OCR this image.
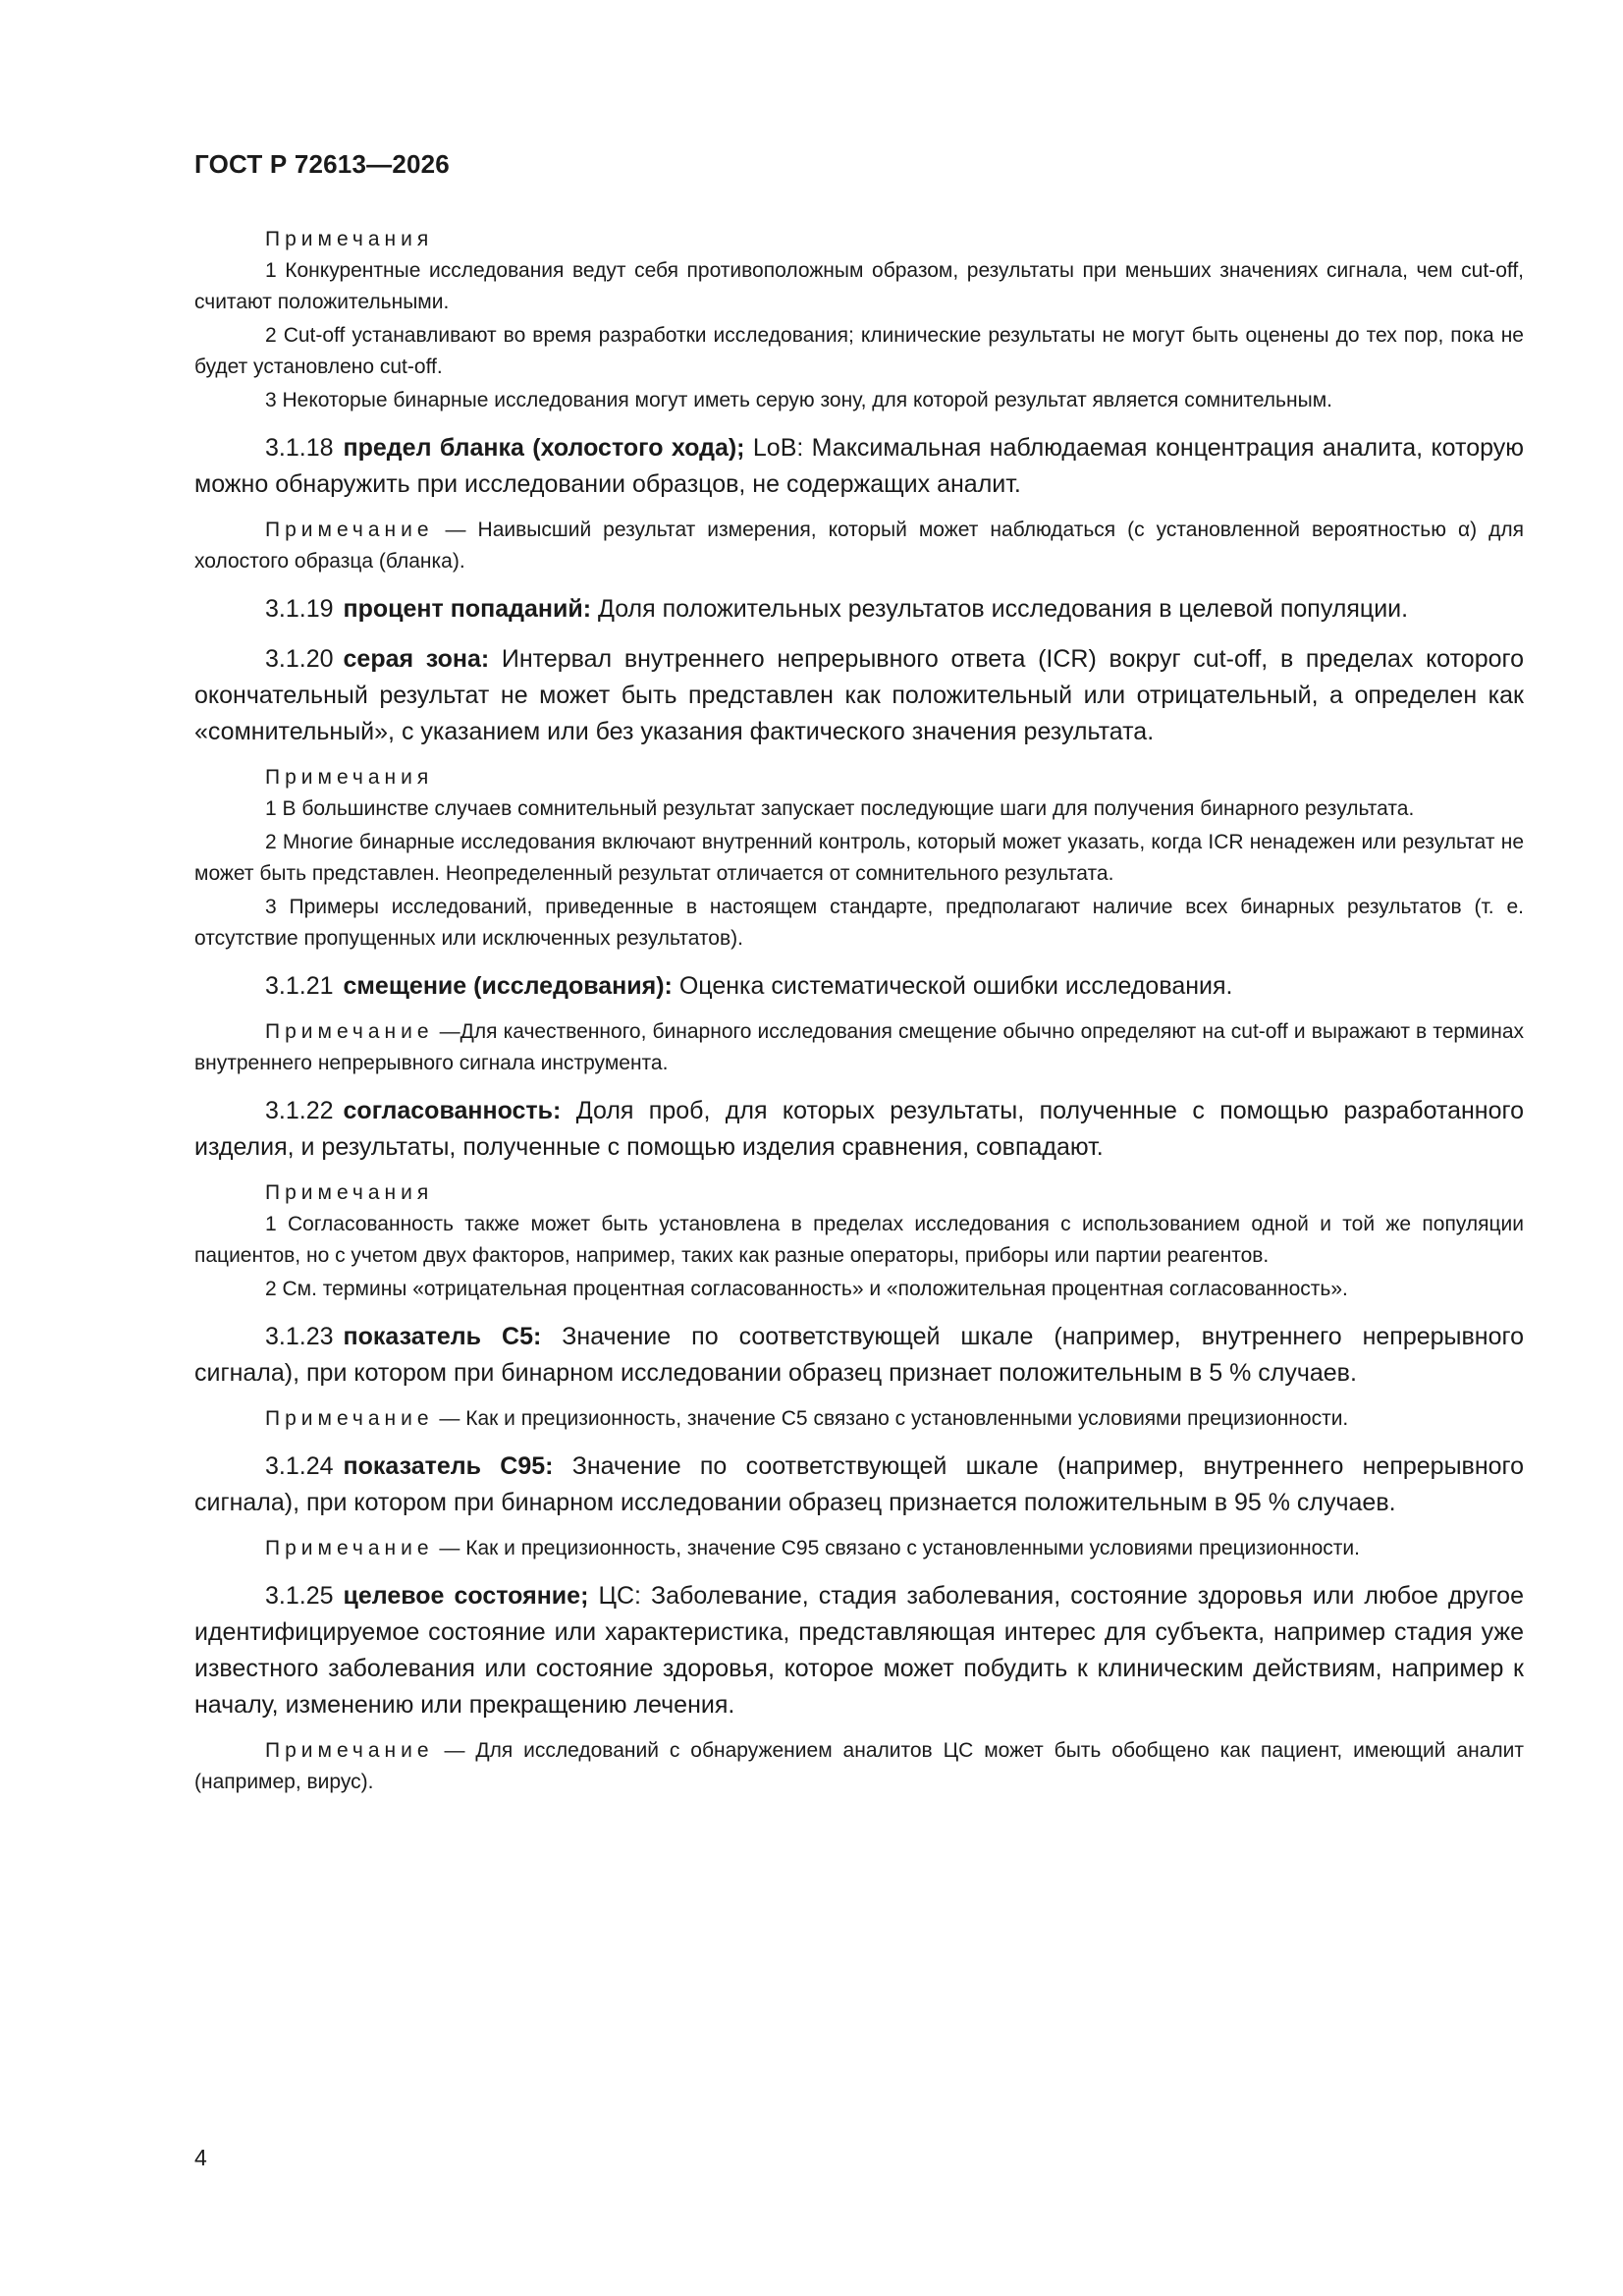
ГОСТ Р 72613—2026

Примечания

1 Конкурентные исследования ведут себя противоположным образом, результаты при меньших значениях сигнала, чем cut-off, считают положительными.

2 Cut-off устанавливают во время разработки исследования; клинические результаты не могут быть оценены до тех пор, пока не будет установлено cut-off.

3 Некоторые бинарные исследования могут иметь серую зону, для которой результат является сомнительным.

3.1.18 предел бланка (холостого хода); LoB: Максимальная наблюдаемая концентрация аналита, которую можно обнаружить при исследовании образцов, не содержащих аналит.

Примечание — Наивысший результат измерения, который может наблюдаться (с установленной вероятностью α) для холостого образца (бланка).

3.1.19 процент попаданий: Доля положительных результатов исследования в целевой популяции.

3.1.20 серая зона: Интервал внутреннего непрерывного ответа (ICR) вокруг cut-off, в пределах которого окончательный результат не может быть представлен как положительный или отрицательный, а определен как «сомнительный», с указанием или без указания фактического значения результата.

Примечания

1 В большинстве случаев сомнительный результат запускает последующие шаги для получения бинарного результата.

2 Многие бинарные исследования включают внутренний контроль, который может указать, когда ICR ненадежен или результат не может быть представлен. Неопределенный результат отличается от сомнительного результата.

3 Примеры исследований, приведенные в настоящем стандарте, предполагают наличие всех бинарных результатов (т. е. отсутствие пропущенных или исключенных результатов).

3.1.21 смещение (исследования): Оценка систематической ошибки исследования.

Примечание —Для качественного, бинарного исследования смещение обычно определяют на cut-off и выражают в терминах внутреннего непрерывного сигнала инструмента.

3.1.22 согласованность: Доля проб, для которых результаты, полученные с помощью разработанного изделия, и результаты, полученные с помощью изделия сравнения, совпадают.

Примечания

1 Согласованность также может быть установлена в пределах исследования с использованием одной и той же популяции пациентов, но с учетом двух факторов, например, таких как разные операторы, приборы или партии реагентов.

2 См. термины «отрицательная процентная согласованность» и «положительная процентная согласованность».

3.1.23 показатель C5: Значение по соответствующей шкале (например, внутреннего непрерывного сигнала), при котором при бинарном исследовании образец признает положительным в 5 % случаев.

Примечание — Как и прецизионность, значение C5 связано с установленными условиями прецизионности.

3.1.24 показатель C95: Значение по соответствующей шкале (например, внутреннего непрерывного сигнала), при котором при бинарном исследовании образец признается положительным в 95 % случаев.

Примечание — Как и прецизионность, значение C95 связано с установленными условиями прецизионности.

3.1.25 целевое состояние; ЦС: Заболевание, стадия заболевания, состояние здоровья или любое другое идентифицируемое состояние или характеристика, представляющая интерес для субъекта, например стадия уже известного заболевания или состояние здоровья, которое может побудить к клиническим действиям, например к началу, изменению или прекращению лечения.

Примечание — Для исследований с обнаружением аналитов ЦС может быть обобщено как пациент, имеющий аналит (например, вирус).

4
